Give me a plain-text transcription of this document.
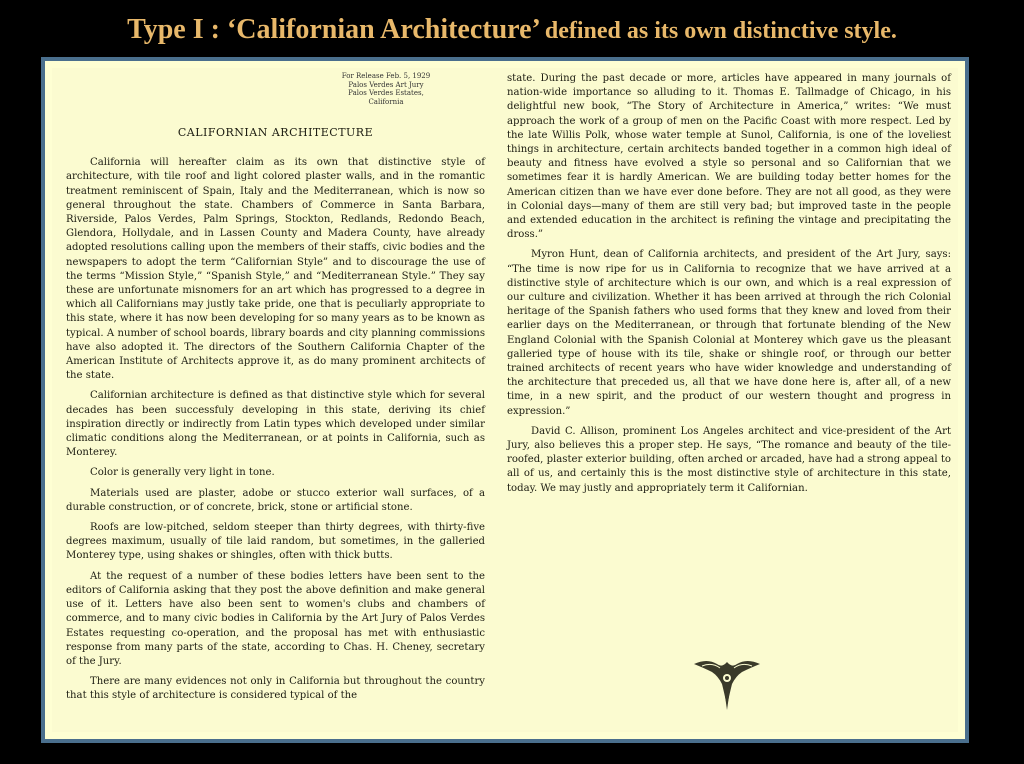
Type I : ‘Californian Architecture’ defined as its own distinctive style.
For Release Feb. 5, 1929
Palos Verdes Art Jury
Palos Verdes Estates,
California
CALIFORNIAN ARCHITECTURE

California will hereafter claim as its own that distinctive style of architecture, with tile roof and light colored plaster walls, and in the romantic treatment reminiscent of Spain, Italy and the Mediterranean, which is now so general throughout the state. Chambers of Commerce in Santa Barbara, Riverside, Palos Verdes, Palm Springs, Stockton, Redlands, Redondo Beach, Glendora, Hollydale, and in Lassen County and Madera County, have already adopted resolutions calling upon the members of their staffs, civic bodies and the newspapers to adopt the term “Californian Style” and to discourage the use of the terms “Mission Style,” “Spanish Style,” and “Mediterranean Style.” They say these are unfortunate misnomers for an art which has progressed to a degree in which all Californians may justly take pride, one that is peculiarly appropriate to this state, where it has now been developing for so many years as to be known as typical. A number of school boards, library boards and city planning commissions have also adopted it. The directors of the Southern California Chapter of the American Institute of Architects approve it, as do many prominent architects of the state.

Californian architecture is defined as that distinctive style which for several decades has been successfuly developing in this state, deriving its chief inspiration directly or indirectly from Latin types which developed under similar climatic conditions along the Mediterranean, or at points in California, such as Monterey.

Color is generally very light in tone.

Materials used are plaster, adobe or stucco exterior wall surfaces, of a durable construction, or of concrete, brick, stone or artificial stone.

Roofs are low-pitched, seldom steeper than thirty degrees, with thirty-five degrees maximum, usually of tile laid random, but sometimes, in the galleried Monterey type, using shakes or shingles, often with thick butts.

At the request of a number of these bodies letters have been sent to the editors of California asking that they post the above definition and make general use of it. Letters have also been sent to women's clubs and chambers of commerce, and to many civic bodies in California by the Art Jury of Palos Verdes Estates requesting co-operation, and the proposal has met with enthusiastic response from many parts of the state, according to Chas. H. Cheney, secretary of the Jury.

There are many evidences not only in California but throughout the country that this style of architecture is considered typical of the

state. During the past decade or more, articles have appeared in many journals of nation-wide importance so alluding to it. Thomas E. Tallmadge of Chicago, in his delightful new book, “The Story of Architecture in America,” writes: “We must approach the work of a group of men on the Pacific Coast with more respect. Led by the late Willis Polk, whose water temple at Sunol, California, is one of the loveliest things in architecture, certain architects banded together in a common high ideal of beauty and fitness have evolved a style so personal and so Californian that we sometimes fear it is hardly American. We are building today better homes for the American citizen than we have ever done before. They are not all good, as they were in Colonial days—many of them are still very bad; but improved taste in the people and extended education in the architect is refining the vintage and precipitating the dross.”

Myron Hunt, dean of California architects, and president of the Art Jury, says: “The time is now ripe for us in California to recognize that we have arrived at a distinctive style of architecture which is our own, and which is a real expression of our culture and civilization. Whether it has been arrived at through the rich Colonial heritage of the Spanish fathers who used forms that they knew and loved from their earlier days on the Mediterranean, or through that fortunate blending of the New England Colonial with the Spanish Colonial at Monterey which gave us the pleasant galleried type of house with its tile, shake or shingle roof, or through our better trained architects of recent years who have wider knowledge and understanding of the architecture that preceded us, all that we have done here is, after all, of a new time, in a new spirit, and the product of our western thought and progress in expression.”

David C. Allison, prominent Los Angeles architect and vice-president of the Art Jury, also believes this a proper step. He says, “The romance and beauty of the tile-roofed, plaster exterior building, often arched or arcaded, have had a strong appeal to all of us, and certainly this is the most distinctive style of architecture in this state, today. We may justly and appropriately term it Californian.
